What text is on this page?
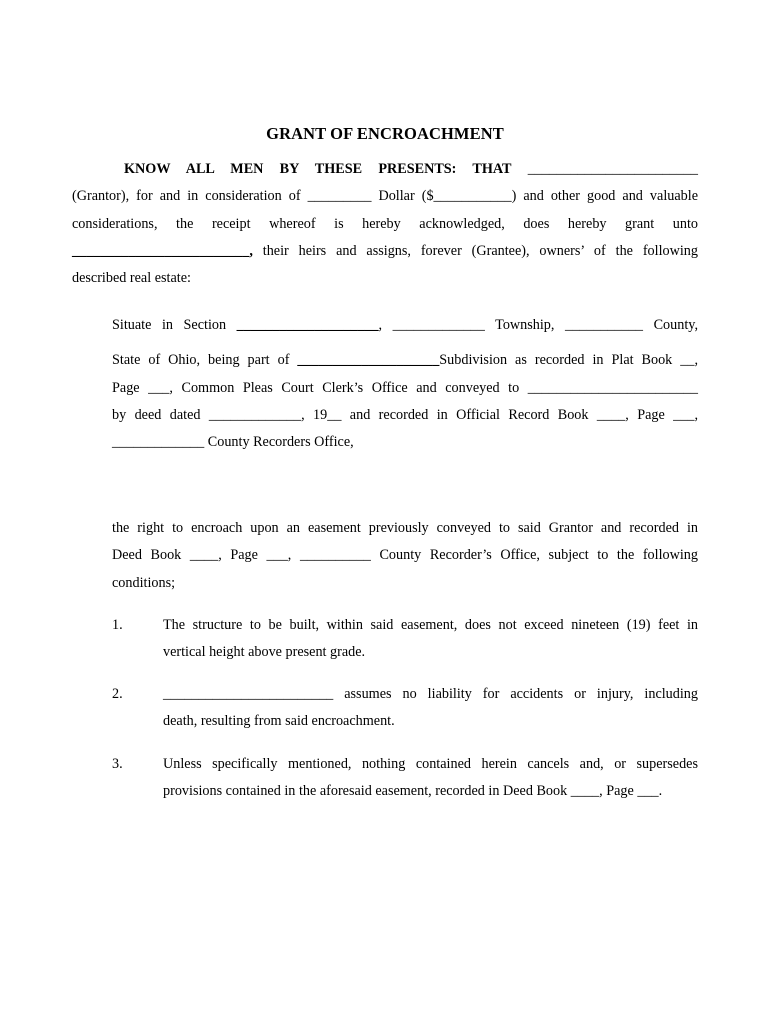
GRANT OF ENCROACHMENT
KNOW ALL MEN BY THESE PRESENTS: THAT ________________________
(Grantor), for and in consideration of _________ Dollar ($___________) and other good and valuable
considerations, the receipt whereof is hereby acknowledged, does hereby grant unto
_________________________, their heirs and assigns, forever (Grantee), owners’ of the following
described real estate:
Situate in Section ____________________, _____________ Township, ___________ County,
State of Ohio, being part of ____________________Subdivision as recorded in Plat Book __,
Page ___, Common Pleas Court Clerk’s Office and conveyed to ________________________
by deed dated _____________, 19__ and recorded in Official Record Book ____, Page ___,
_____________ County Recorders Office,
the right to encroach upon an easement previously conveyed to said Grantor and recorded in
Deed Book ____, Page ___, __________ County Recorder’s Office, subject to the following
conditions;
1.	The structure to be built, within said easement, does not exceed nineteen (19) feet in
vertical height above present grade.
2.	________________________ assumes no liability for accidents or injury, including
death, resulting from said encroachment.
3.	Unless specifically mentioned, nothing contained herein cancels and, or supersedes
provisions contained in the aforesaid easement, recorded in Deed Book ____, Page ___.
